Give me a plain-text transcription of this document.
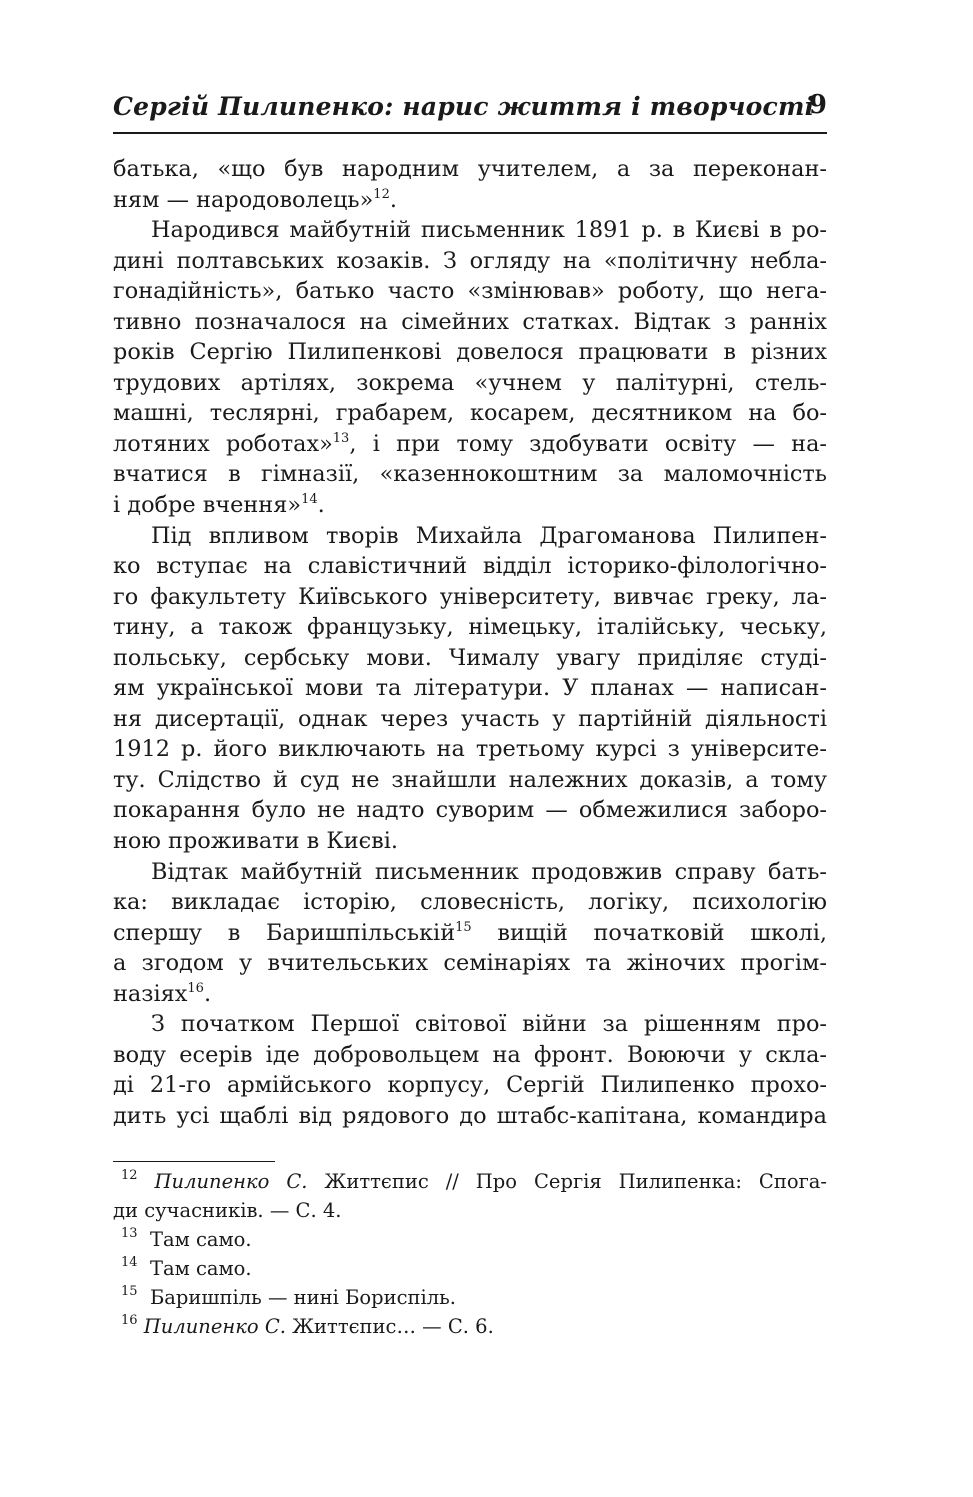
Сергій Пилипенко: нарис життя і творчості
9
батька, «що був народним учителем, а за переконан-
ням — народоволець»$^{12}$.
Народився майбутній письменник 1891 р. в Києві в ро-
дині полтавських козаків. З огляду на «політичну небла-
гонадійність», батько часто «змінював» роботу, що нега-
тивно позначалося на сімейних статках. Відтак з ранніх
років Сергію Пилипенкові довелося працювати в різних
трудових артілях, зокрема «учнем у палітурні, стель-
машні, теслярні, грабарем, косарем, десятником на бо-
лотяних роботах»$^{13}$, і при тому здобувати освіту — на-
вчатися в гімназії, «казеннокоштним за маломочність
і добре вчення»$^{14}$.
Під впливом творів Михайла Драгоманова Пилипен-
ко вступає на славістичний відділ історико-філологічно-
го факультету Київського університету, вивчає греку, ла-
тину, а також французьку, німецьку, італійську, чеську,
польську, сербську мови. Чималу увагу приділяє студі-
ям української мови та літератури. У планах — написан-
ня дисертації, однак через участь у партійній діяльності
1912 р. його виключають на третьому курсі з університе-
ту. Слідство й суд не знайшли належних доказів, а тому
покарання було не надто суворим — обмежилися заборо-
ною проживати в Києві.
Відтак майбутній письменник продовжив справу бать-
ка: викладає історію, словесність, логіку, психологію
спершу в Баришпільській$^{15}$ вищій початковій школі,
а згодом у вчительських семінаріях та жіночих прогім-
назіях$^{16}$.
З початком Першої світової війни за рішенням про-
воду есерів іде добровольцем на фронт. Воюючи у скла-
ді 21-го армійського корпусу, Сергій Пилипенко прохо-
дить усі щаблі від рядового до штабс-капітана, командира
$^{12}$ Пилипенко С. Життєпис // Про Сергія Пилипенка: Спога-
ди сучасників. — С. 4.
$^{13}$  Там само.
$^{14}$  Там само.
$^{15}$  Баришпіль — нині Бориспіль.
$^{16}$ Пилипенко С. Життєпис… — С. 6.
